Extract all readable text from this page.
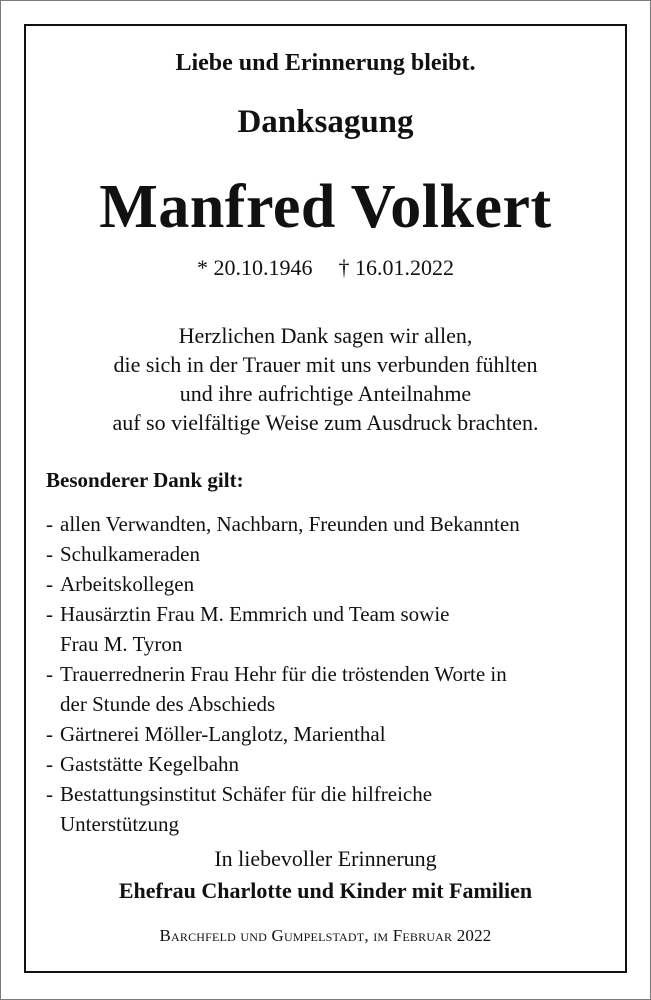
Liebe und Erinnerung bleibt.
Danksagung
Manfred Volkert
* 20.10.1946 † 16.01.2022
Herzlichen Dank sagen wir allen,
die sich in der Trauer mit uns verbunden fühlten
und ihre aufrichtige Anteilnahme
auf so vielfältige Weise zum Ausdruck brachten.
Besonderer Dank gilt:
- allen Verwandten, Nachbarn, Freunden und Bekannten
- Schulkameraden
- Arbeitskollegen
- Hausärztin Frau M. Emmrich und Team sowie
Frau M. Tyron
- Trauerrednerin Frau Hehr für die tröstenden Worte in
der Stunde des Abschieds
- Gärtnerei Möller-Langlotz, Marienthal
- Gaststätte Kegelbahn
- Bestattungsinstitut Schäfer für die hilfreiche
Unterstützung
In liebevoller Erinnerung
Ehefrau Charlotte und Kinder mit Familien
Barchfeld und Gumpelstadt, im Februar 2022
